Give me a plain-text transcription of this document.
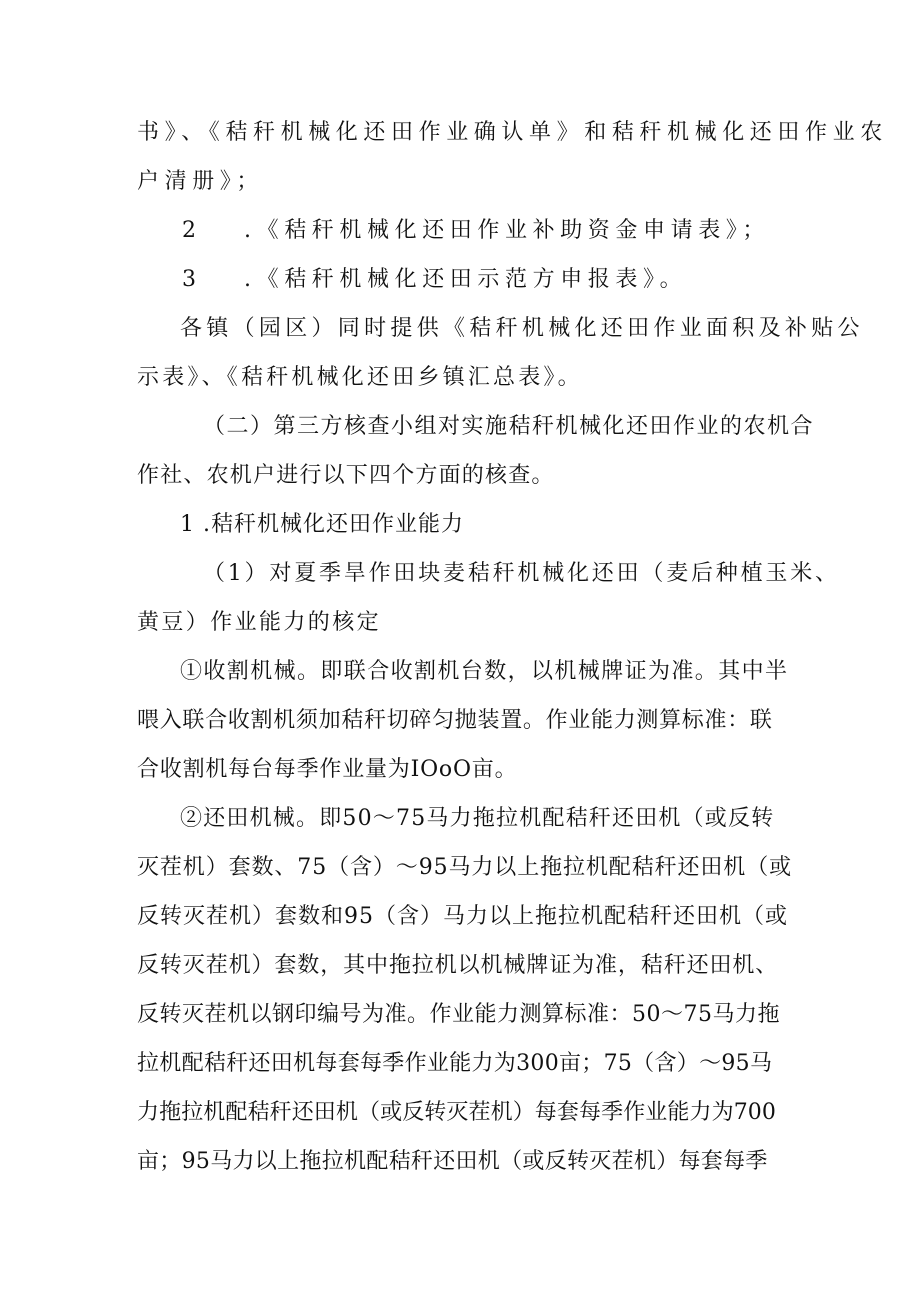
书》、《秸秆机械化还田作业确认单》和秸秆机械化还田作业农
户清册》；
2 .《秸秆机械化还田作业补助资金申请表》；
3 .《秸秆机械化还田示范方申报表》。
各镇（园区）同时提供《秸秆机械化还田作业面积及补贴公
示表》、《秸秆机械化还田乡镇汇总表》。
（二）第三方核查小组对实施秸秆机械化还田作业的农机合
作社、农机户进行以下四个方面的核查。
1 .秸秆机械化还田作业能力
（1）对夏季旱作田块麦秸秆机械化还田（麦后种植玉米、
黄豆）作业能力的核定
①收割机械。即联合收割机台数，以机械牌证为准。其中半
喂入联合收割机须加秸秆切碎匀抛装置。作业能力测算标准：联
合收割机每台每季作业量为IOoO亩。
②还田机械。即50～75马力拖拉机配秸秆还田机（或反转
灭茬机）套数、75（含）～95马力以上拖拉机配秸秆还田机（或
反转灭茬机）套数和95（含）马力以上拖拉机配秸秆还田机（或
反转灭茬机）套数，其中拖拉机以机械牌证为准，秸秆还田机、
反转灭茬机以钢印编号为准。作业能力测算标准：50～75马力拖
拉机配秸秆还田机每套每季作业能力为300亩；75（含）～95马
力拖拉机配秸秆还田机（或反转灭茬机）每套每季作业能力为700
亩；95马力以上拖拉机配秸秆还田机（或反转灭茬机）每套每季
